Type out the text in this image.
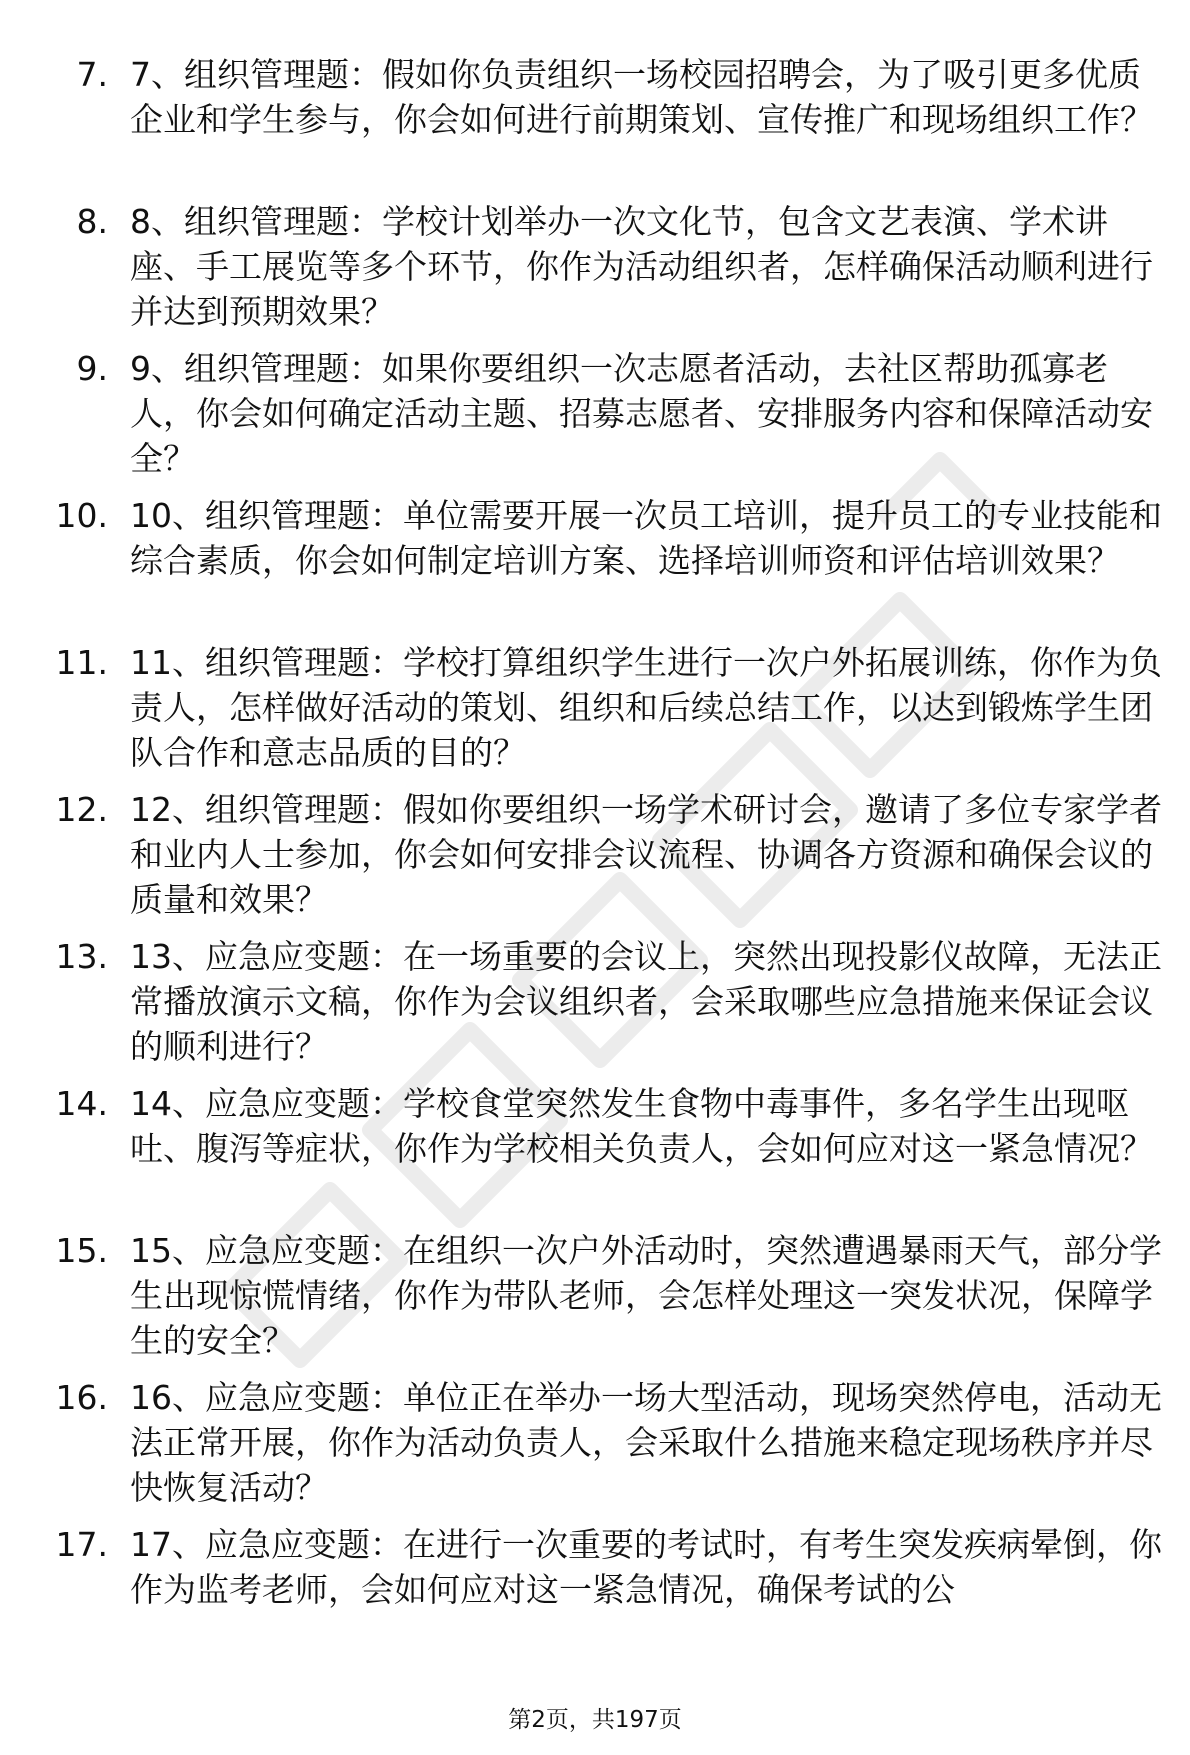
7. 7、组织管理题：假如你负责组织一场校园招聘会，为了吸引更多优质企业和学生参与，你会如何进行前期策划、宣传推广和现场组织工作？
8. 8、组织管理题：学校计划举办一次文化节，包含文艺表演、学术讲座、手工展览等多个环节，你作为活动组织者，怎样确保活动顺利进行并达到预期效果？
9. 9、组织管理题：如果你要组织一次志愿者活动，去社区帮助孤寡老人，你会如何确定活动主题、招募志愿者、安排服务内容和保障活动安全？
10. 10、组织管理题：单位需要开展一次员工培训，提升员工的专业技能和综合素质，你会如何制定培训方案、选择培训师资和评估培训效果？
11. 11、组织管理题：学校打算组织学生进行一次户外拓展训练，你作为负责人，怎样做好活动的策划、组织和后续总结工作，以达到锻炼学生团队合作和意志品质的目的？
12. 12、组织管理题：假如你要组织一场学术研讨会，邀请了多位专家学者和业内人士参加，你会如何安排会议流程、协调各方资源和确保会议的质量和效果？
13. 13、应急应变题：在一场重要的会议上，突然出现投影仪故障，无法正常播放演示文稿，你作为会议组织者，会采取哪些应急措施来保证会议的顺利进行？
14. 14、应急应变题：学校食堂突然发生食物中毒事件，多名学生出现呕吐、腹泻等症状，你作为学校相关负责人，会如何应对这一紧急情况？
15. 15、应急应变题：在组织一次户外活动时，突然遭遇暴雨天气，部分学生出现惊慌情绪，你作为带队老师，会怎样处理这一突发状况，保障学生的安全？
16. 16、应急应变题：单位正在举办一场大型活动，现场突然停电，活动无法正常开展，你作为活动负责人，会采取什么措施来稳定现场秩序并尽快恢复活动？
17. 17、应急应变题：在进行一次重要的考试时，有考生突发疾病晕倒，你作为监考老师，会如何应对这一紧急情况，确保考试的公
第2页，共197页
